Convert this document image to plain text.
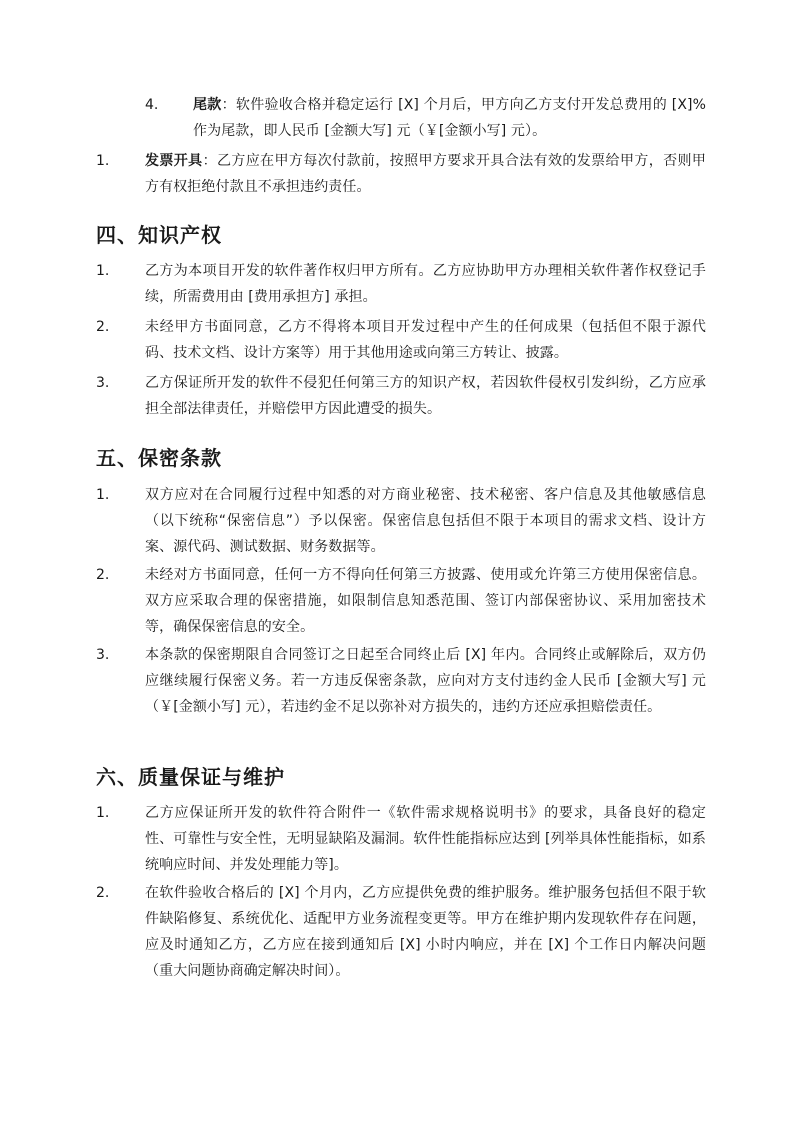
4. 尾款：软件验收合格并稳定运行 [X] 个月后，甲方向乙方支付开发总费用的 [X]% 作为尾款，即人民币 [金额大写] 元（￥[金额小写] 元）。
1.	发票开具：乙方应在甲方每次付款前，按照甲方要求开具合法有效的发票给甲方，否则甲方有权拒绝付款且不承担违约责任。
四、知识产权
1.	乙方为本项目开发的软件著作权归甲方所有。乙方应协助甲方办理相关软件著作权登记手续，所需费用由 [费用承担方] 承担。
2.	未经甲方书面同意，乙方不得将本项目开发过程中产生的任何成果（包括但不限于源代码、技术文档、设计方案等）用于其他用途或向第三方转让、披露。
3.	乙方保证所开发的软件不侵犯任何第三方的知识产权，若因软件侵权引发纠纷，乙方应承担全部法律责任，并赔偿甲方因此遭受的损失。
五、保密条款
1.	双方应对在合同履行过程中知悉的对方商业秘密、技术秘密、客户信息及其他敏感信息（以下统称“保密信息”）予以保密。保密信息包括但不限于本项目的需求文档、设计方案、源代码、测试数据、财务数据等。
2.	未经对方书面同意，任何一方不得向任何第三方披露、使用或允许第三方使用保密信息。双方应采取合理的保密措施，如限制信息知悉范围、签订内部保密协议、采用加密技术等，确保保密信息的安全。
3.	本条款的保密期限自合同签订之日起至合同终止后 [X] 年内。合同终止或解除后，双方仍应继续履行保密义务。若一方违反保密条款，应向对方支付违约金人民币 [金额大写] 元（￥[金额小写] 元），若违约金不足以弥补对方损失的，违约方还应承担赔偿责任。
六、质量保证与维护
1.	乙方应保证所开发的软件符合附件一《软件需求规格说明书》的要求，具备良好的稳定性、可靠性与安全性，无明显缺陷及漏洞。软件性能指标应达到 [列举具体性能指标，如系统响应时间、并发处理能力等]。
2.	在软件验收合格后的 [X] 个月内，乙方应提供免费的维护服务。维护服务包括但不限于软件缺陷修复、系统优化、适配甲方业务流程变更等。甲方在维护期内发现软件存在问题，应及时通知乙方，乙方应在接到通知后 [X] 小时内响应，并在 [X] 个工作日内解决问题（重大问题协商确定解决时间）。
